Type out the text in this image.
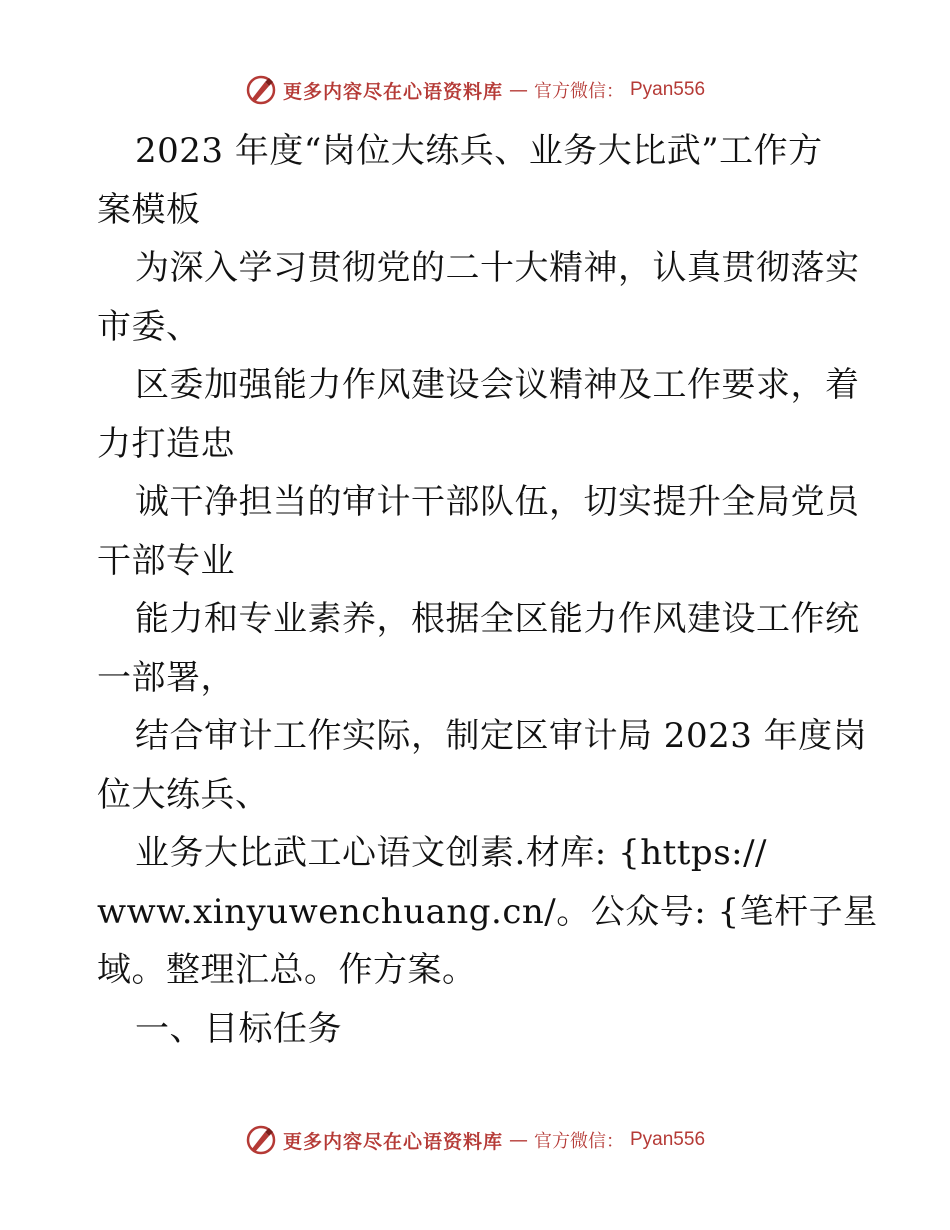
更多内容尽在心语资料库 — 官方微信： Pyan556
2023 年度“岗位大练兵、业务大比武”工作方
案模板
为深入学习贯彻党的二十大精神，认真贯彻落实
市委、
区委加强能力作风建设会议精神及工作要求，着
力打造忠
诚干净担当的审计干部队伍，切实提升全局党员
干部专业
能力和专业素养，根据全区能力作风建设工作统
一部署，
结合审计工作实际，制定区审计局 2023 年度岗
位大练兵、
业务大比武工心语文创素.材库: {https://
www.xinyuwenchuang.cn/。公众号: {笔杆子星
域。整理汇总。作方案。
一、目标任务
更多内容尽在心语资料库 — 官方微信： Pyan556
